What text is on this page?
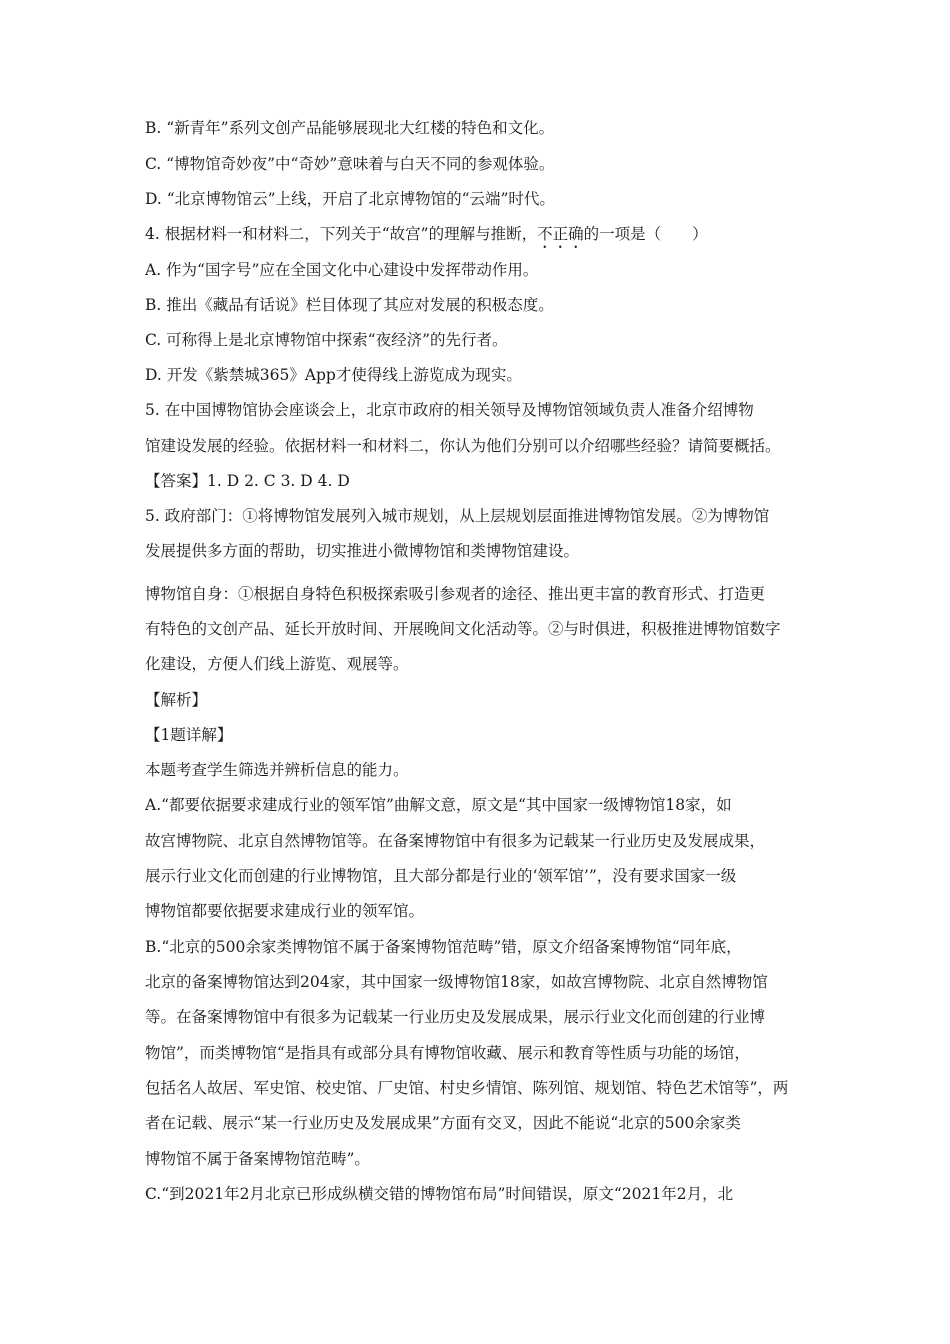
B. “新青年”系列文创产品能够展现北大红楼的特色和文化。
C. “博物馆奇妙夜”中“奇妙”意味着与白天不同的参观体验。
D. “北京博物馆云”上线，开启了北京博物馆的“云端”时代。
4. 根据材料一和材料二，下列关于“故宫”的理解与推断，不正确的一项是（　　）
A. 作为“国字号”应在全国文化中心建设中发挥带动作用。
B. 推出《藏品有话说》栏目体现了其应对发展的积极态度。
C. 可称得上是北京博物馆中探索“夜经济”的先行者。
D. 开发《紫禁城365》App才使得线上游览成为现实。
5. 在中国博物馆协会座谈会上，北京市政府的相关领导及博物馆领域负责人准备介绍博物
馆建设发展的经验。依据材料一和材料二，你认为他们分别可以介绍哪些经验？请简要概括。
【答案】1. D 2. C 3. D 4. D
5. 政府部门：①将博物馆发展列入城市规划，从上层规划层面推进博物馆发展。②为博物馆
发展提供多方面的帮助，切实推进小微博物馆和类博物馆建设。
博物馆自身：①根据自身特色积极探索吸引参观者的途径、推出更丰富的教育形式、打造更
有特色的文创产品、延长开放时间、开展晚间文化活动等。②与时俱进，积极推进博物馆数字
化建设，方便人们线上游览、观展等。
【解析】
【1题详解】
本题考查学生筛选并辨析信息的能力。
A.“都要依据要求建成行业的领军馆”曲解文意，原文是“其中国家一级博物馆18家，如
故宫博物院、北京自然博物馆等。在备案博物馆中有很多为记载某一行业历史及发展成果，
展示行业文化而创建的行业博物馆，且大部分都是行业的‘领军馆’”，没有要求国家一级
博物馆都要依据要求建成行业的领军馆。
B.“北京的500余家类博物馆不属于备案博物馆范畴”错，原文介绍备案博物馆“同年底，
北京的备案博物馆达到204家，其中国家一级博物馆18家，如故宫博物院、北京自然博物馆
等。在备案博物馆中有很多为记载某一行业历史及发展成果，展示行业文化而创建的行业博
物馆”，而类博物馆“是指具有或部分具有博物馆收藏、展示和教育等性质与功能的场馆，
包括名人故居、军史馆、校史馆、厂史馆、村史乡情馆、陈列馆、规划馆、特色艺术馆等”，两
者在记载、展示“某一行业历史及发展成果”方面有交叉，因此不能说“北京的500余家类
博物馆不属于备案博物馆范畴”。
C.“到2021年2月北京已形成纵横交错的博物馆布局”时间错误，原文“2021年2月，北
